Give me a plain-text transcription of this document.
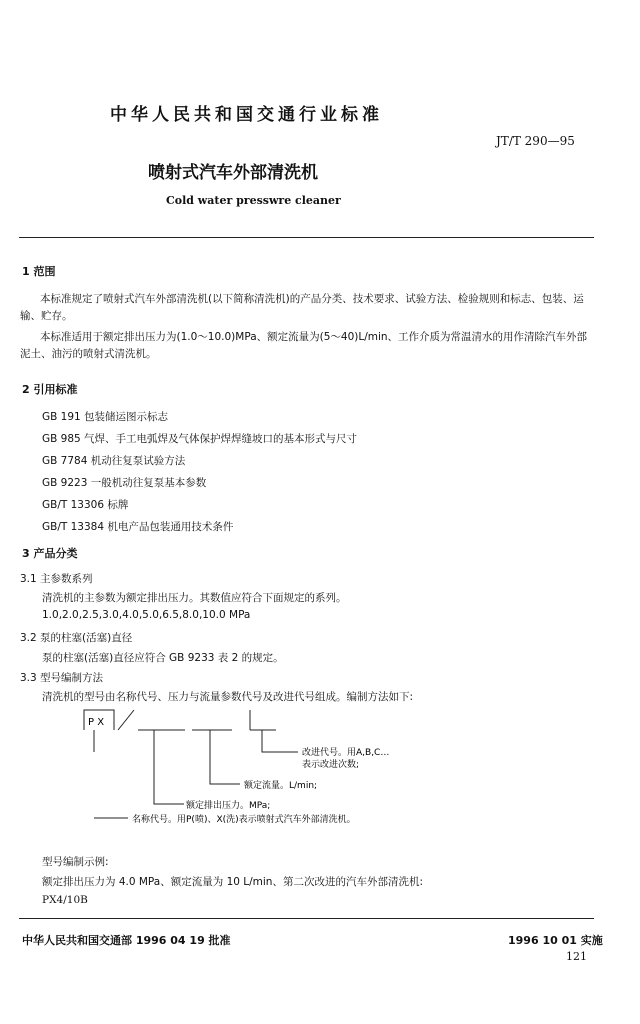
中华人民共和国交通行业标准
JT/T 290—95
喷射式汽车外部清洗机
Cold water presswre cleaner
1 范围
本标准规定了喷射式汽车外部清洗机(以下简称清洗机)的产品分类、技术要求、试验方法、检验规则和标志、包装、运输、贮存。
本标准适用于额定排出压力为(1.0～10.0)MPa、额定流量为(5～40)L/min、工作介质为常温清水的用作清除汽车外部泥土、油污的喷射式清洗机。
2 引用标准
GB 191 包装储运图示标志
GB 985 气焊、手工电弧焊及气体保护焊焊缝坡口的基本形式与尺寸
GB 7784 机动往复泵试验方法
GB 9223 一般机动往复泵基本参数
GB/T 13306 标牌
GB/T 13384 机电产品包装通用技术条件
3 产品分类
3.1 主参数系列
清洗机的主参数为额定排出压力。其数值应符合下面规定的系列。
1.0,2.0,2.5,3.0,4.0,5.0,6.5,8.0,10.0 MPa
3.2 泵的柱塞(活塞)直径
泵的柱塞(活塞)直径应符合 GB 9233 表 2 的规定。
3.3 型号编制方法
清洗机的型号由名称代号、压力与流量参数代号及改进代号组成。编制方法如下:
P X
改进代号。用A,B,C…
表示改进次数;
额定流量。L/min;
额定排出压力。MPa;
名称代号。用P(喷)、X(洗)表示喷射式汽车外部清洗机。
型号编制示例:
额定排出压力为 4.0 MPa、额定流量为 10 L/min、第二次改进的汽车外部清洗机:
PX4/10B
中华人民共和国交通部 1996 04 19 批准	1996 10 01 实施
121
